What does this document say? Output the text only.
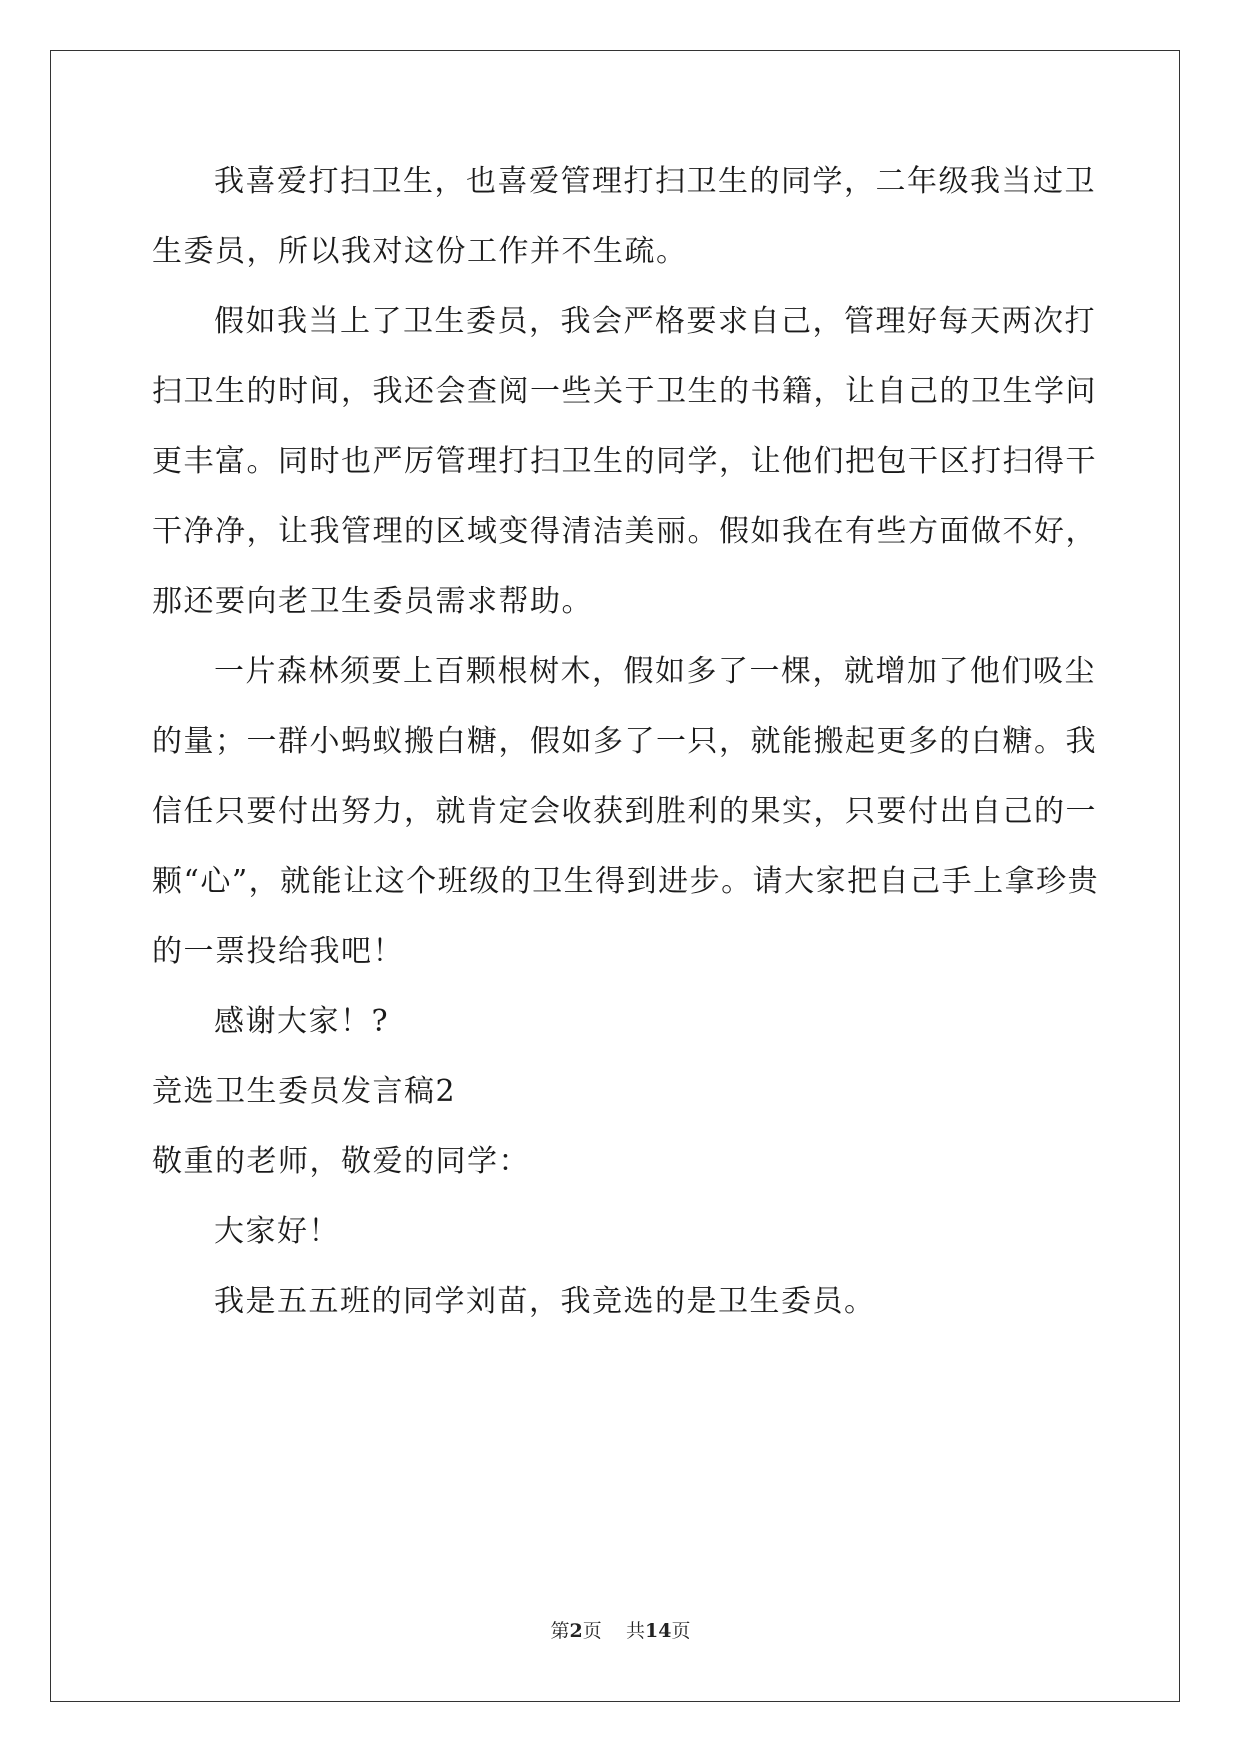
我喜爱打扫卫生，也喜爱管理打扫卫生的同学，二年级我当过卫
生委员，所以我对这份工作并不生疏。
假如我当上了卫生委员，我会严格要求自己，管理好每天两次打
扫卫生的时间，我还会查阅一些关于卫生的书籍，让自己的卫生学问
更丰富。同时也严厉管理打扫卫生的同学，让他们把包干区打扫得干
干净净，让我管理的区域变得清洁美丽。假如我在有些方面做不好，
那还要向老卫生委员需求帮助。
一片森林须要上百颗根树木，假如多了一棵，就增加了他们吸尘
的量；一群小蚂蚁搬白糖，假如多了一只，就能搬起更多的白糖。我
信任只要付出努力，就肯定会收获到胜利的果实，只要付出自己的一
颗“心”，就能让这个班级的卫生得到进步。请大家把自己手上拿珍贵
的一票投给我吧！
感谢大家！?
竞选卫生委员发言稿2
敬重的老师，敬爱的同学：
大家好！
我是五五班的同学刘苗，我竞选的是卫生委员。
第2页 共14页
